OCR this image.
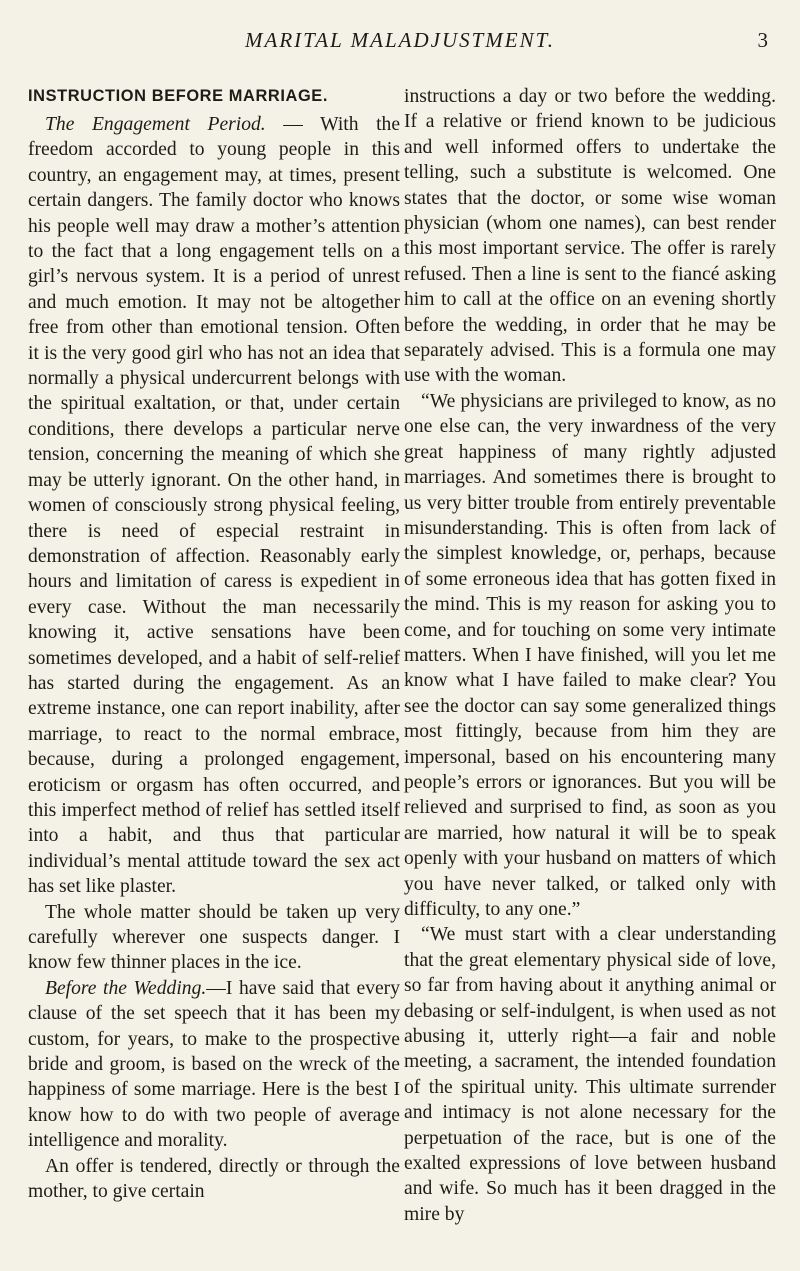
MARITAL MALADJUSTMENT.	3
INSTRUCTION BEFORE MARRIAGE.

The Engagement Period. — With the freedom accorded to young people in this country, an engagement may, at times, present certain dangers. The family doctor who knows his people well may draw a mother’s attention to the fact that a long engagement tells on a girl’s nervous system. It is a period of unrest and much emotion. It may not be altogether free from other than emotional tension. Often it is the very good girl who has not an idea that normally a physical undercurrent belongs with the spiritual exaltation, or that, under certain conditions, there develops a particular nerve tension, concerning the meaning of which she may be utterly ignorant. On the other hand, in women of consciously strong physical feeling, there is need of especial restraint in demonstration of affection. Reasonably early hours and limitation of caress is expedient in every case. Without the man necessarily knowing it, active sensations have been sometimes developed, and a habit of self-relief has started during the engagement. As an extreme instance, one can report inability, after marriage, to react to the normal embrace, because, during a prolonged engagement, eroticism or orgasm has often occurred, and this imperfect method of relief has settled itself into a habit, and thus that particular individual’s mental attitude toward the sex act has set like plaster.

The whole matter should be taken up very carefully wherever one suspects danger. I know few thinner places in the ice.

Before the Wedding.—I have said that every clause of the set speech that it has been my custom, for years, to make to the prospective bride and groom, is based on the wreck of the happiness of some marriage. Here is the best I know how to do with two people of average intelligence and morality.

An offer is tendered, directly or through the mother, to give certain

instructions a day or two before the wedding. If a relative or friend known to be judicious and well informed offers to undertake the telling, such a substitute is welcomed. One states that the doctor, or some wise woman physician (whom one names), can best render this most important service. The offer is rarely refused. Then a line is sent to the fiancé asking him to call at the office on an evening shortly before the wedding, in order that he may be separately advised. This is a formula one may use with the woman.

“We physicians are privileged to know, as no one else can, the very inwardness of the very great happiness of many rightly adjusted marriages. And sometimes there is brought to us very bitter trouble from entirely preventable misunderstanding. This is often from lack of the simplest knowledge, or, perhaps, because of some erroneous idea that has gotten fixed in the mind. This is my reason for asking you to come, and for touching on some very intimate matters. When I have finished, will you let me know what I have failed to make clear? You see the doctor can say some generalized things most fittingly, because from him they are impersonal, based on his encountering many people’s errors or ignorances. But you will be relieved and surprised to find, as soon as you are married, how natural it will be to speak openly with your husband on matters of which you have never talked, or talked only with difficulty, to any one.”

“We must start with a clear understanding that the great elementary physical side of love, so far from having about it anything animal or debasing or self-indulgent, is when used as not abusing it, utterly right—a fair and noble meeting, a sacrament, the intended foundation of the spiritual unity. This ultimate surrender and intimacy is not alone necessary for the perpetuation of the race, but is one of the exalted expressions of love between husband and wife. So much has it been dragged in the mire by
